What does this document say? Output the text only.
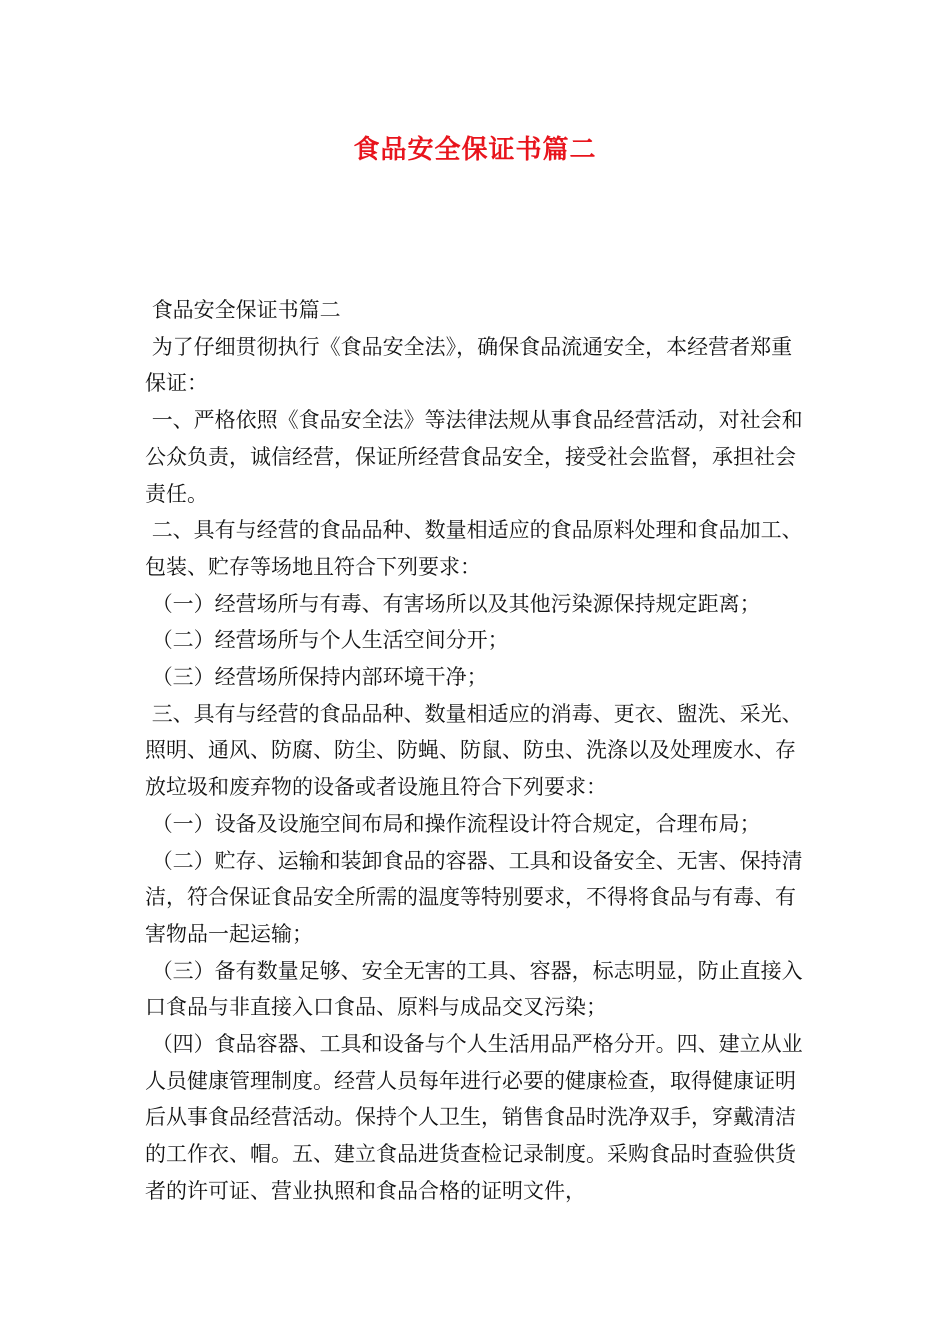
食品安全保证书篇二

食品安全保证书篇二

为了仔细贯彻执行《食品安全法》，确保食品流通安全，本经营者郑重保证：

一、严格依照《食品安全法》等法律法规从事食品经营活动，对社会和公众负责，诚信经营，保证所经营食品安全，接受社会监督，承担社会责任。

二、具有与经营的食品品种、数量相适应的食品原料处理和食品加工、包装、贮存等场地且符合下列要求：

（一）经营场所与有毒、有害场所以及其他污染源保持规定距离；

（二）经营场所与个人生活空间分开；

（三）经营场所保持内部环境干净；

三、具有与经营的食品品种、数量相适应的消毒、更衣、盥洗、采光、照明、通风、防腐、防尘、防蝇、防鼠、防虫、洗涤以及处理废水、存放垃圾和废弃物的设备或者设施且符合下列要求：

（一）设备及设施空间布局和操作流程设计符合规定，合理布局；

（二）贮存、运输和装卸食品的容器、工具和设备安全、无害、保持清洁，符合保证食品安全所需的温度等特别要求，不得将食品与有毒、有害物品一起运输；

（三）备有数量足够、安全无害的工具、容器，标志明显，防止直接入口食品与非直接入口食品、原料与成品交叉污染；

（四）食品容器、工具和设备与个人生活用品严格分开。四、建立从业人员健康管理制度。经营人员每年进行必要的健康检查，取得健康证明后从事食品经营活动。保持个人卫生，销售食品时洗净双手，穿戴清洁的工作衣、帽。五、建立食品进货查检记录制度。采购食品时查验供货者的许可证、营业执照和食品合格的证明文件，
